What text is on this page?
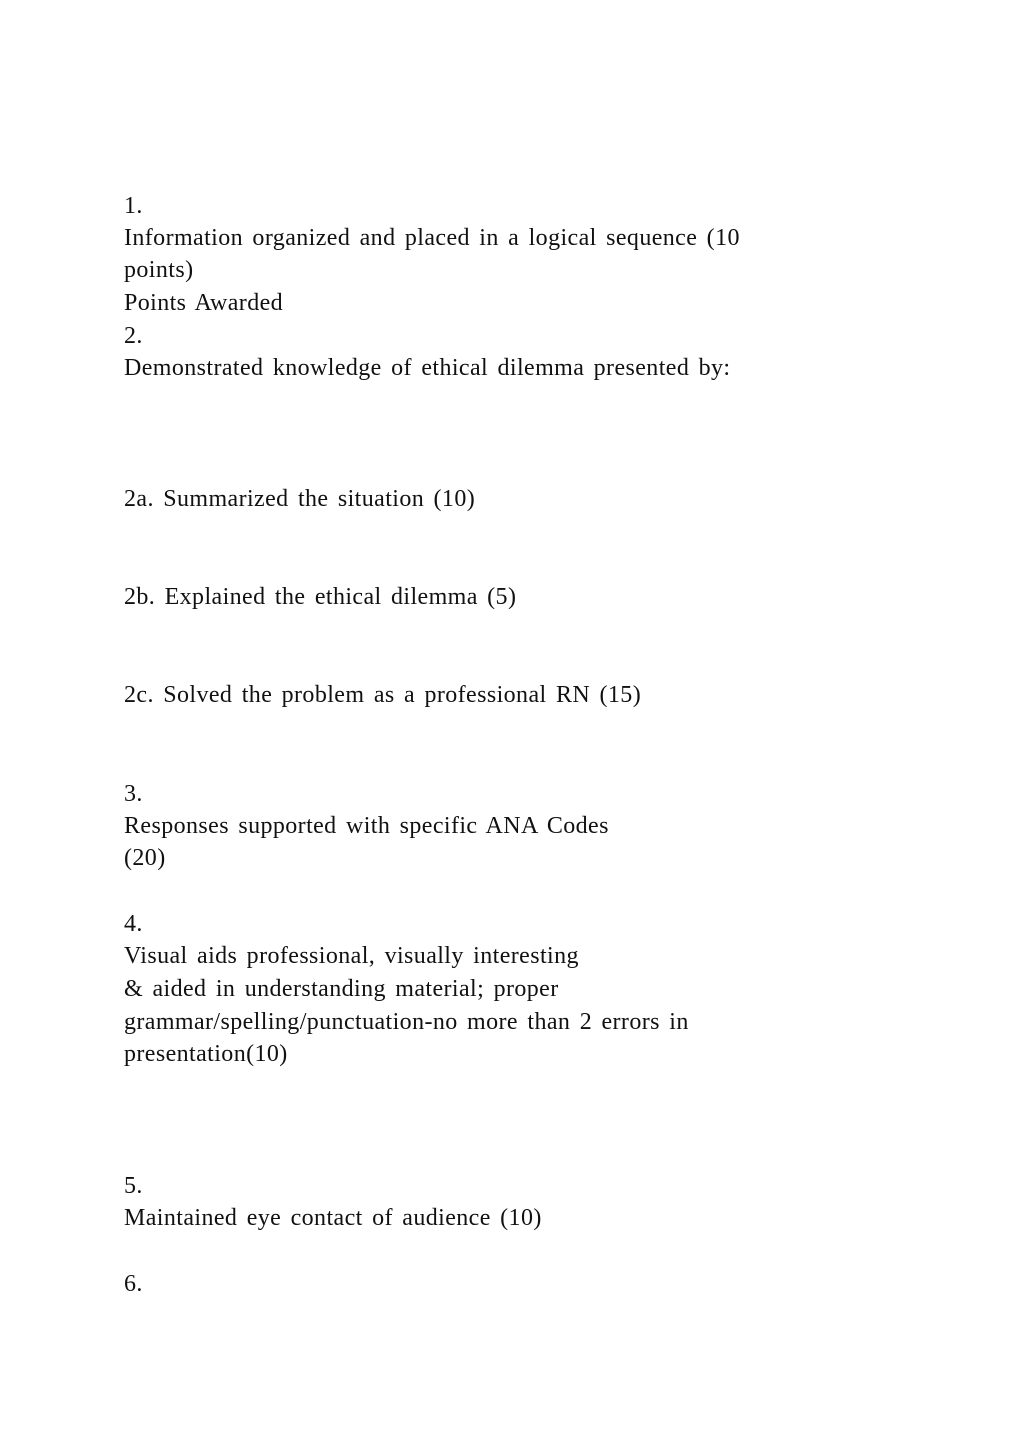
1.

Information organized and placed in a logical sequence (10

points)

Points Awarded

2.

Demonstrated knowledge of ethical dilemma presented by:

2a. Summarized the situation (10)

2b. Explained the ethical dilemma (5)

2c. Solved the problem as a professional RN (15)

3.

Responses supported with specific ANA Codes

(20)

4.

Visual aids professional, visually interesting

& aided in understanding material; proper

grammar/spelling/punctuation-no more than 2 errors in

presentation(10)

5.

Maintained eye contact of audience (10)

6.
